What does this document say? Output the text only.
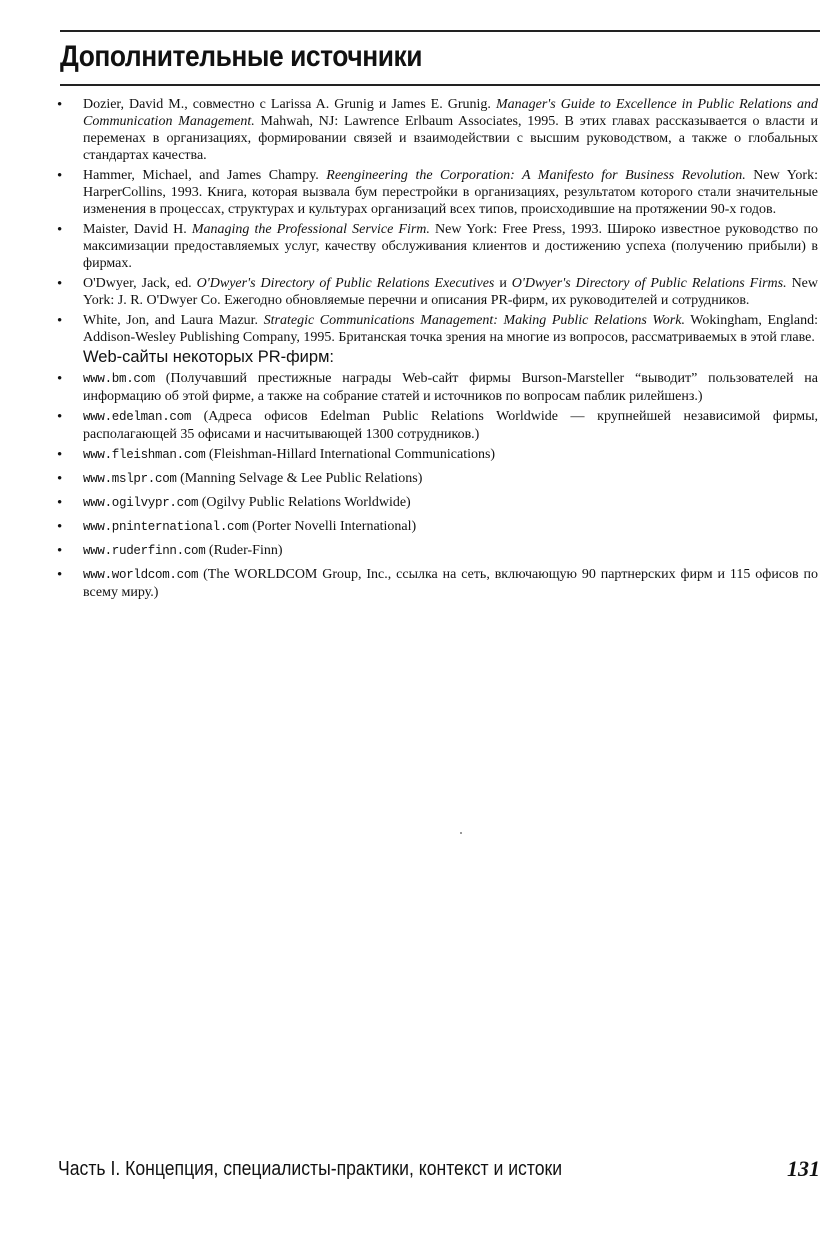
Дополнительные источники
• Dozier, David M., совместно с Larissa A. Grunig и James E. Grunig. Manager's Guide to Excellence in Public Relations and Communication Management. Mahwah, NJ: Lawrence Erlbaum Associates, 1995. В этих главах рассказывается о власти и переменах в организациях, формировании связей и взаимодействии с высшим руководством, а также о глобальных стандартах качества.
• Hammer, Michael, and James Champy. Reengineering the Corporation: A Manifesto for Business Revolution. New York: HarperCollins, 1993. Книга, которая вызвала бум перестройки в организациях, результатом которого стали значительные изменения в процессах, структурах и культурах организаций всех типов, происходившие на протяжении 90-х годов.
• Maister, David H. Managing the Professional Service Firm. New York: Free Press, 1993. Широко известное руководство по максимизации предоставляемых услуг, качеству обслуживания клиентов и достижению успеха (получению прибыли) в фирмах.
• O'Dwyer, Jack, ed. O'Dwyer's Directory of Public Relations Executives и O'Dwyer's Directory of Public Relations Firms. New York: J. R. O'Dwyer Co. Ежегодно обновляемые перечни и описания PR-фирм, их руководителей и сотрудников.
• White, Jon, and Laura Mazur. Strategic Communications Management: Making Public Relations Work. Wokingham, England: Addison-Wesley Publishing Company, 1995. Британская точка зрения на многие из вопросов, рассматриваемых в этой главе.
Web-сайты некоторых PR-фирм:
• www.bm.com (Получавший престижные награды Web-сайт фирмы Burson-Marsteller “выводит” пользователей на информацию об этой фирме, а также на собрание статей и источников по вопросам паблик рилейшенз.)
• www.edelman.com (Адреса офисов Edelman Public Relations Worldwide — крупнейшей независимой фирмы, располагающей 35 офисами и насчитывающей 1300 сотрудников.)
• www.fleishman.com (Fleishman-Hillard International Communications)
• www.mslpr.com (Manning Selvage & Lee Public Relations)
• www.ogilvypr.com (Ogilvy Public Relations Worldwide)
• www.pninternational.com (Porter Novelli International)
• www.ruderfinn.com (Ruder-Finn)
• www.worldcom.com (The WORLDCOM Group, Inc., ссылка на сеть, включающую 90 партнерских фирм и 115 офисов по всему миру.)
Часть I. Концепция, специалисты-практики, контекст и истоки	131
